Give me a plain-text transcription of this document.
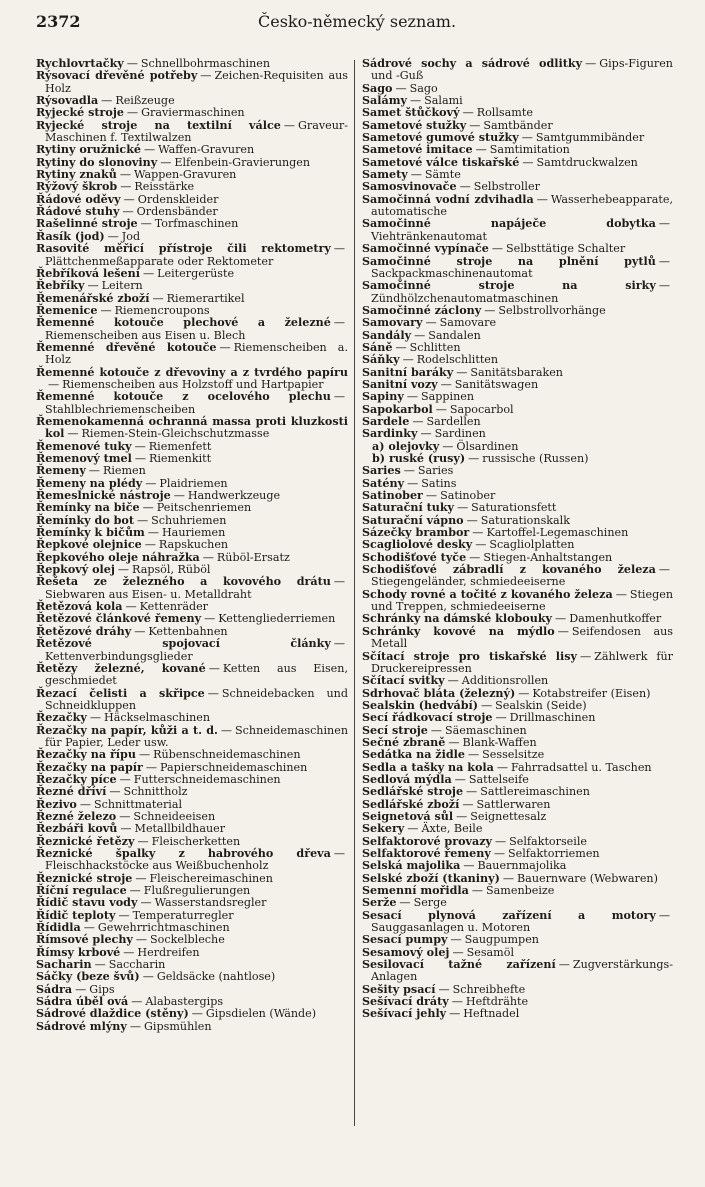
2372	Česko-německý seznam.

Rychlovrtačky — Schnellbohrmaschinen

Rýsovací dřevěné potřeby — Zeichen-Requisiten aus Holz

Rýsovadla — Reißzeuge

Ryjecké stroje — Graviermaschinen

Ryjecké stroje na textilní válce — Graveur-Maschinen f. Textilwalzen

Rytiny oružnické — Waffen-Gravuren

Rytiny do slonoviny — Elfenbein-Gravierungen

Rytiny znaků — Wappen-Gravuren

Rýžový škrob — Reisstärke

Řádové oděvy — Ordenskleider

Řádové stuhy — Ordensbänder

Rašelinné stroje — Torfmaschinen

Řasík (jod) — Jod

Rasovité měřicí přístroje čili rektometry —Plättchenmeßapparate oder Rektometer

Řebříková lešení — Leitergerüste

Řebříky — Leitern

Řemenářské zboží — Riemerartikel

Řemenice — Riemencroupons

Řemenné kotouče plechové a železné —Riemenscheiben aus Eisen u. Blech

Řemenné dřevěné kotouče — Riemenscheiben a. Holz

Řemenné kotouče z dřevoviny a z tvrdého papíru— Riemenscheiben aus Holzstoff und Hartpapier

Řemenné kotouče z ocelového plechu —Stahlblechriemenscheiben

Řemenokamenná ochranná massa proti kluzkosti kol — Riemen-Stein-Gleichschutzmasse

Řemenové tuky — Riemenfett

Řemenový tmel — Riemenkitt

Řemeny — Riemen

Řemeny na plédy — Plaidriemen

Řemeslnické nástroje — Handwerkzeuge

Řemínky na biče — Peitschenriemen

Řemínky do bot — Schuhriemen

Řemínky k bičům — Hauriemen

Řepkové olejnice — Rapskuchen

Řepkového oleje náhražka — Rüböl-Ersatz

Řepkový olej — Rapsöl, Rüböl

Řešeta ze železného a kovového drátu —Siebwaren aus Eisen- u. Metalldraht

Řetězová kola — Kettenräder

Řetězové článkové řemeny — Kettengliederriemen

Řetězové dráhy — Kettenbahnen

Řetězové spojovací články —Kettenverbindungsglieder

Řetězy železné, kované — Ketten aus Eisen, geschmiedet

Řezací čelisti a skřipce — Schneidebacken und Schneidkluppen

Řezačky — Häckselmaschinen

Řezačky na papír, kůži a t. d. — Schneidemaschinen für Papier, Leder usw.

Řezačky na řípu — Rübenschneidemaschinen

Řezačky na papír — Papierschneidemaschinen

Řezačky píce — Futterschneidemaschinen

Řezné dříví — Schnittholz

Řezivo — Schnittmaterial

Řezné železo — Schneideeisen

Řezbáři kovů — Metallbildhauer

Řeznické řetězy — Fleischerketten

Řeznické špalky z habrového dřeva —Fleischhackstöcke aus Weißbuchenholz

Řeznické stroje — Fleischereimaschinen

Říční regulace — Flußregulierungen

Řídič stavu vody — Wasserstandsregler

Řídič teploty — Temperaturregler

Řídidla — Gewehrrichtmaschinen

Římsové plechy — Sockelbleche

Římsy krbové — Herdreifen

Sacharin — Saccharin

Sáčky (beze švů) — Geldsäcke (nahtlose)

Sádra — Gips

Sádra úběl ová — Alabastergips

Sádrové dlaždice (stěny) — Gipsdielen (Wände)

Sádrové mlýny — Gipsmühlen

Sádrové sochy a sádrové odlitky — Gips-Figuren und -Guß

Sago — Sago

Salámy — Salami

Samet štůčkový — Rollsamte

Sametové stužky — Samtbänder

Sametové gumové stužky — Samtgummibänder

Sametové imitace — Samtimitation

Sametové válce tiskařské — Samtdruckwalzen

Samety — Sämte

Samosvinovače — Selbstroller

Samočinná vodní zdvihadla — Wasserhebeapparate, automatische

Samočinné napáječe dobytka —Viehtränkenautomat

Samočinné vypínače — Selbsttätige Schalter

Samočinné stroje na plnění pytlů —Sackpackmaschinenautomat

Samočinné stroje na sirky —Zündhölzchenautomatmaschinen

Samočinné záclony — Selbstrollvorhänge

Samovary — Samovare

Sandály — Sandalen

Sáně — Schlitten

Sáňky — Rodelschlitten

Sanitní baráky — Sanitätsbaraken

Sanitní vozy — Sanitätswagen

Sapiny — Sappinen

Sapokarbol — Sapocarbol

Sardele — Sardellen

Sardinky — Sardinen

a) olejovky — Ölsardinen

b) ruské (rusy) — russische (Russen)

Saries — Saries

Satény — Satins

Satinober — Satinober

Saturační tuky — Saturationsfett

Saturační vápno — Saturationskalk

Sázečky brambor — Kartoffel-Legemaschinen

Scagliolové desky — Scagliolplatten

Schodišťové tyče — Stiegen-Anhaltstangen

Schodišťové zábradlí z kovaného železa —Stiegengeländer, schmiedeeiserne

Schody rovné a točité z kovaného železa — Stiegen und Treppen, schmiedeeiserne

Schránky na dámské klobouky — Damenhutkoffer

Schránky kovové na mýdlo — Seifendosen aus Metall

Sčítací stroje pro tiskařské lisy — Zählwerk für Druckereipressen

Sčítací svitky — Additionsrollen

Sdrhovač bláta (železný) — Kotabstreifer (Eisen)

Sealskin (hedvábí) — Sealskin (Seide)

Secí řádkovací stroje — Drillmaschinen

Secí stroje — Säemaschinen

Sečné zbraně — Blank-Waffen

Sedátka na židle — Sesselsitze

Sedla a tašky na kola — Fahrradsattel u. Taschen

Sedlová mýdla — Sattelseife

Sedlářské stroje — Sattlereimaschinen

Sedlářské zboží — Sattlerwaren

Seignetová sůl — Seignettesalz

Sekery — Äxte, Beile

Selfaktorové provazy — Selfaktorseile

Selfaktorové řemeny — Selfaktorriemen

Selská majolika — Bauernmajolika

Selské zboží (tkaniny) — Bauernware (Webwaren)

Semenní mořidla — Samenbeize

Serže — Serge

Sesací plynová zařízení a motory —Sauggasanlagen u. Motoren

Sesací pumpy — Saugpumpen

Sesamový olej — Sesamöl

Sesilovací tažné zařízení — Zugverstärkungs-Anlagen

Sešity psací — Schreibhefte

Sešívací dráty — Heftdrähte

Sešívací jehly — Heftnadel
